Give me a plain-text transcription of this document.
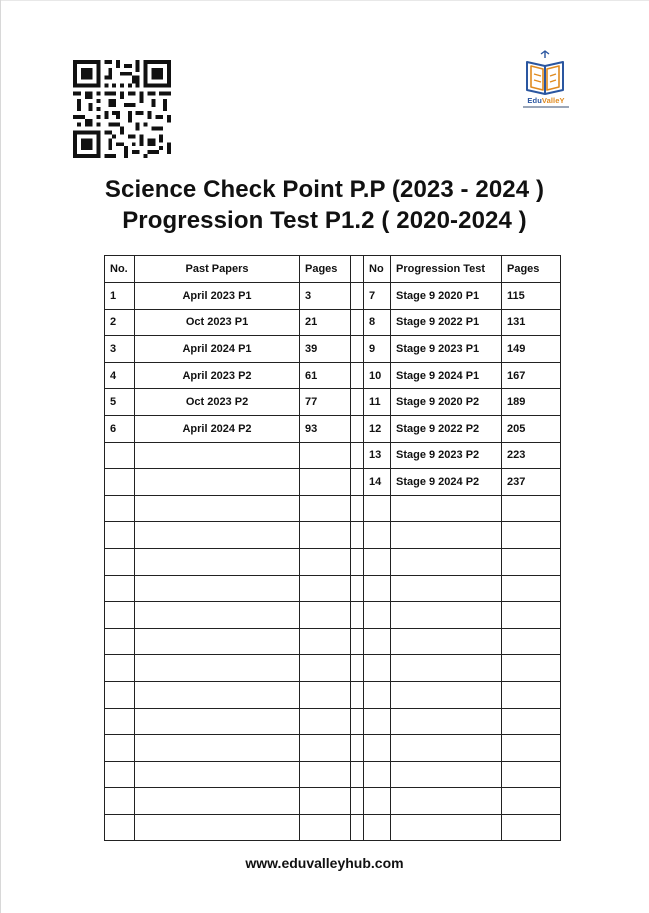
EduValleY
Science Check Point P.P (2023 - 2024 )
Progression Test P1.2 ( 2020-2024 )
No.	Past Papers	Pages		No	Progression Test	Pages
1	April 2023 P1	3		7	Stage 9 2020 P1	115
2	Oct 2023 P1	21		8	Stage 9 2022 P1	131
3	April 2024 P1	39		9	Stage 9 2023 P1	149
4	April 2023 P2	61		10	Stage 9 2024 P1	167
5	Oct 2023 P2	77		11	Stage 9 2020 P2	189
6	April 2024 P2	93		12	Stage 9 2022 P2	205
				13	Stage 9 2023 P2	223
				14	Stage 9 2024 P2	237

www.eduvalleyhub.com
